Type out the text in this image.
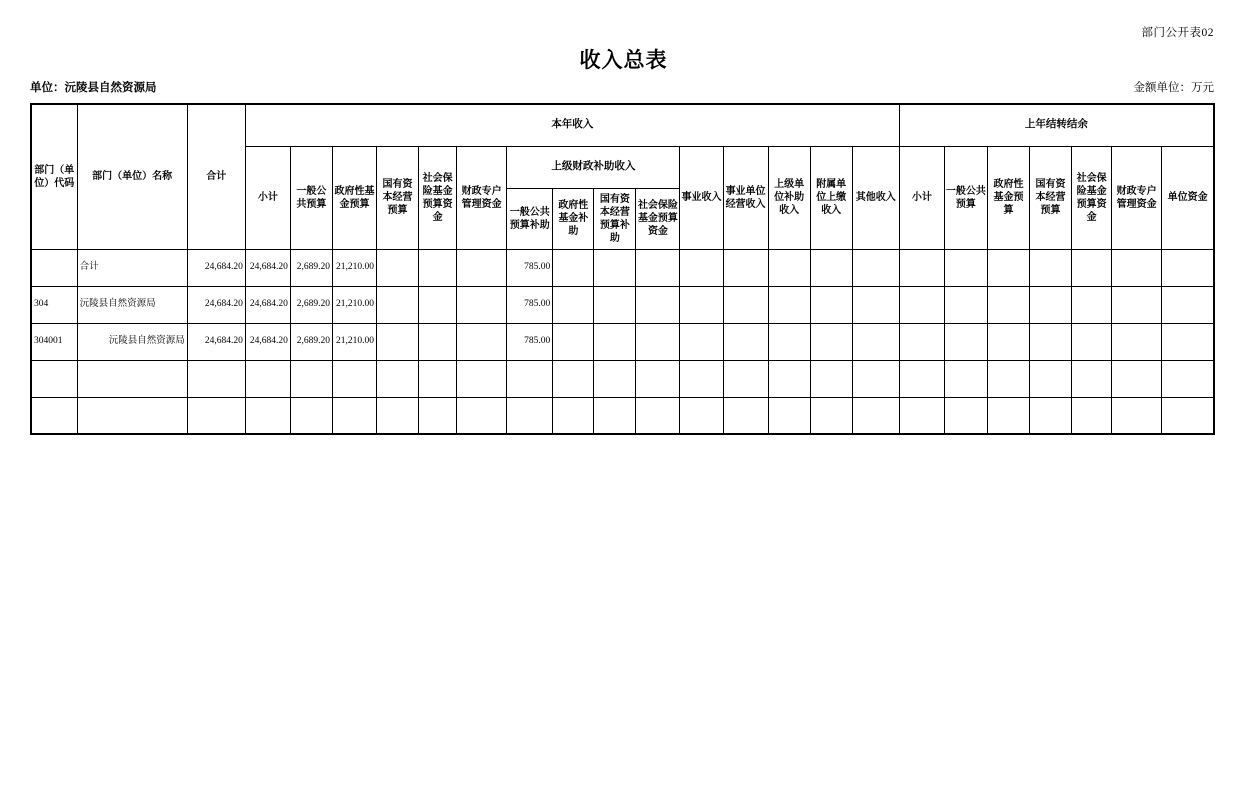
部门公开表02
收入总表
单位：沅陵县自然资源局	金额单位：万元
部门（单位）代码	部门（单位）名称	合计	本年收入															上年结转结余						
			小计	一般公共预算	政府性基金预算	国有资本经营预算	社会保险基金预算资金	财政专户管理资金	上级财政补助收入				事业收入	事业单位经营收入	上级单位补助收入	附属单位上缴收入	其他收入	小计	一般公共预算	政府性基金预算	国有资本经营预算	社会保险基金预算资金	财政专户管理资金	单位资金
									一般公共预算补助	政府性基金补助	国有资本经营预算补助	社会保险基金预算资金												
	合计	24,684.20	24,684.20	2,689.20	21,210.00				785.00															
304	沅陵县自然资源局	24,684.20	24,684.20	2,689.20	21,210.00				785.00															
304001	沅陵县自然资源局	24,684.20	24,684.20	2,689.20	21,210.00				785.00															
